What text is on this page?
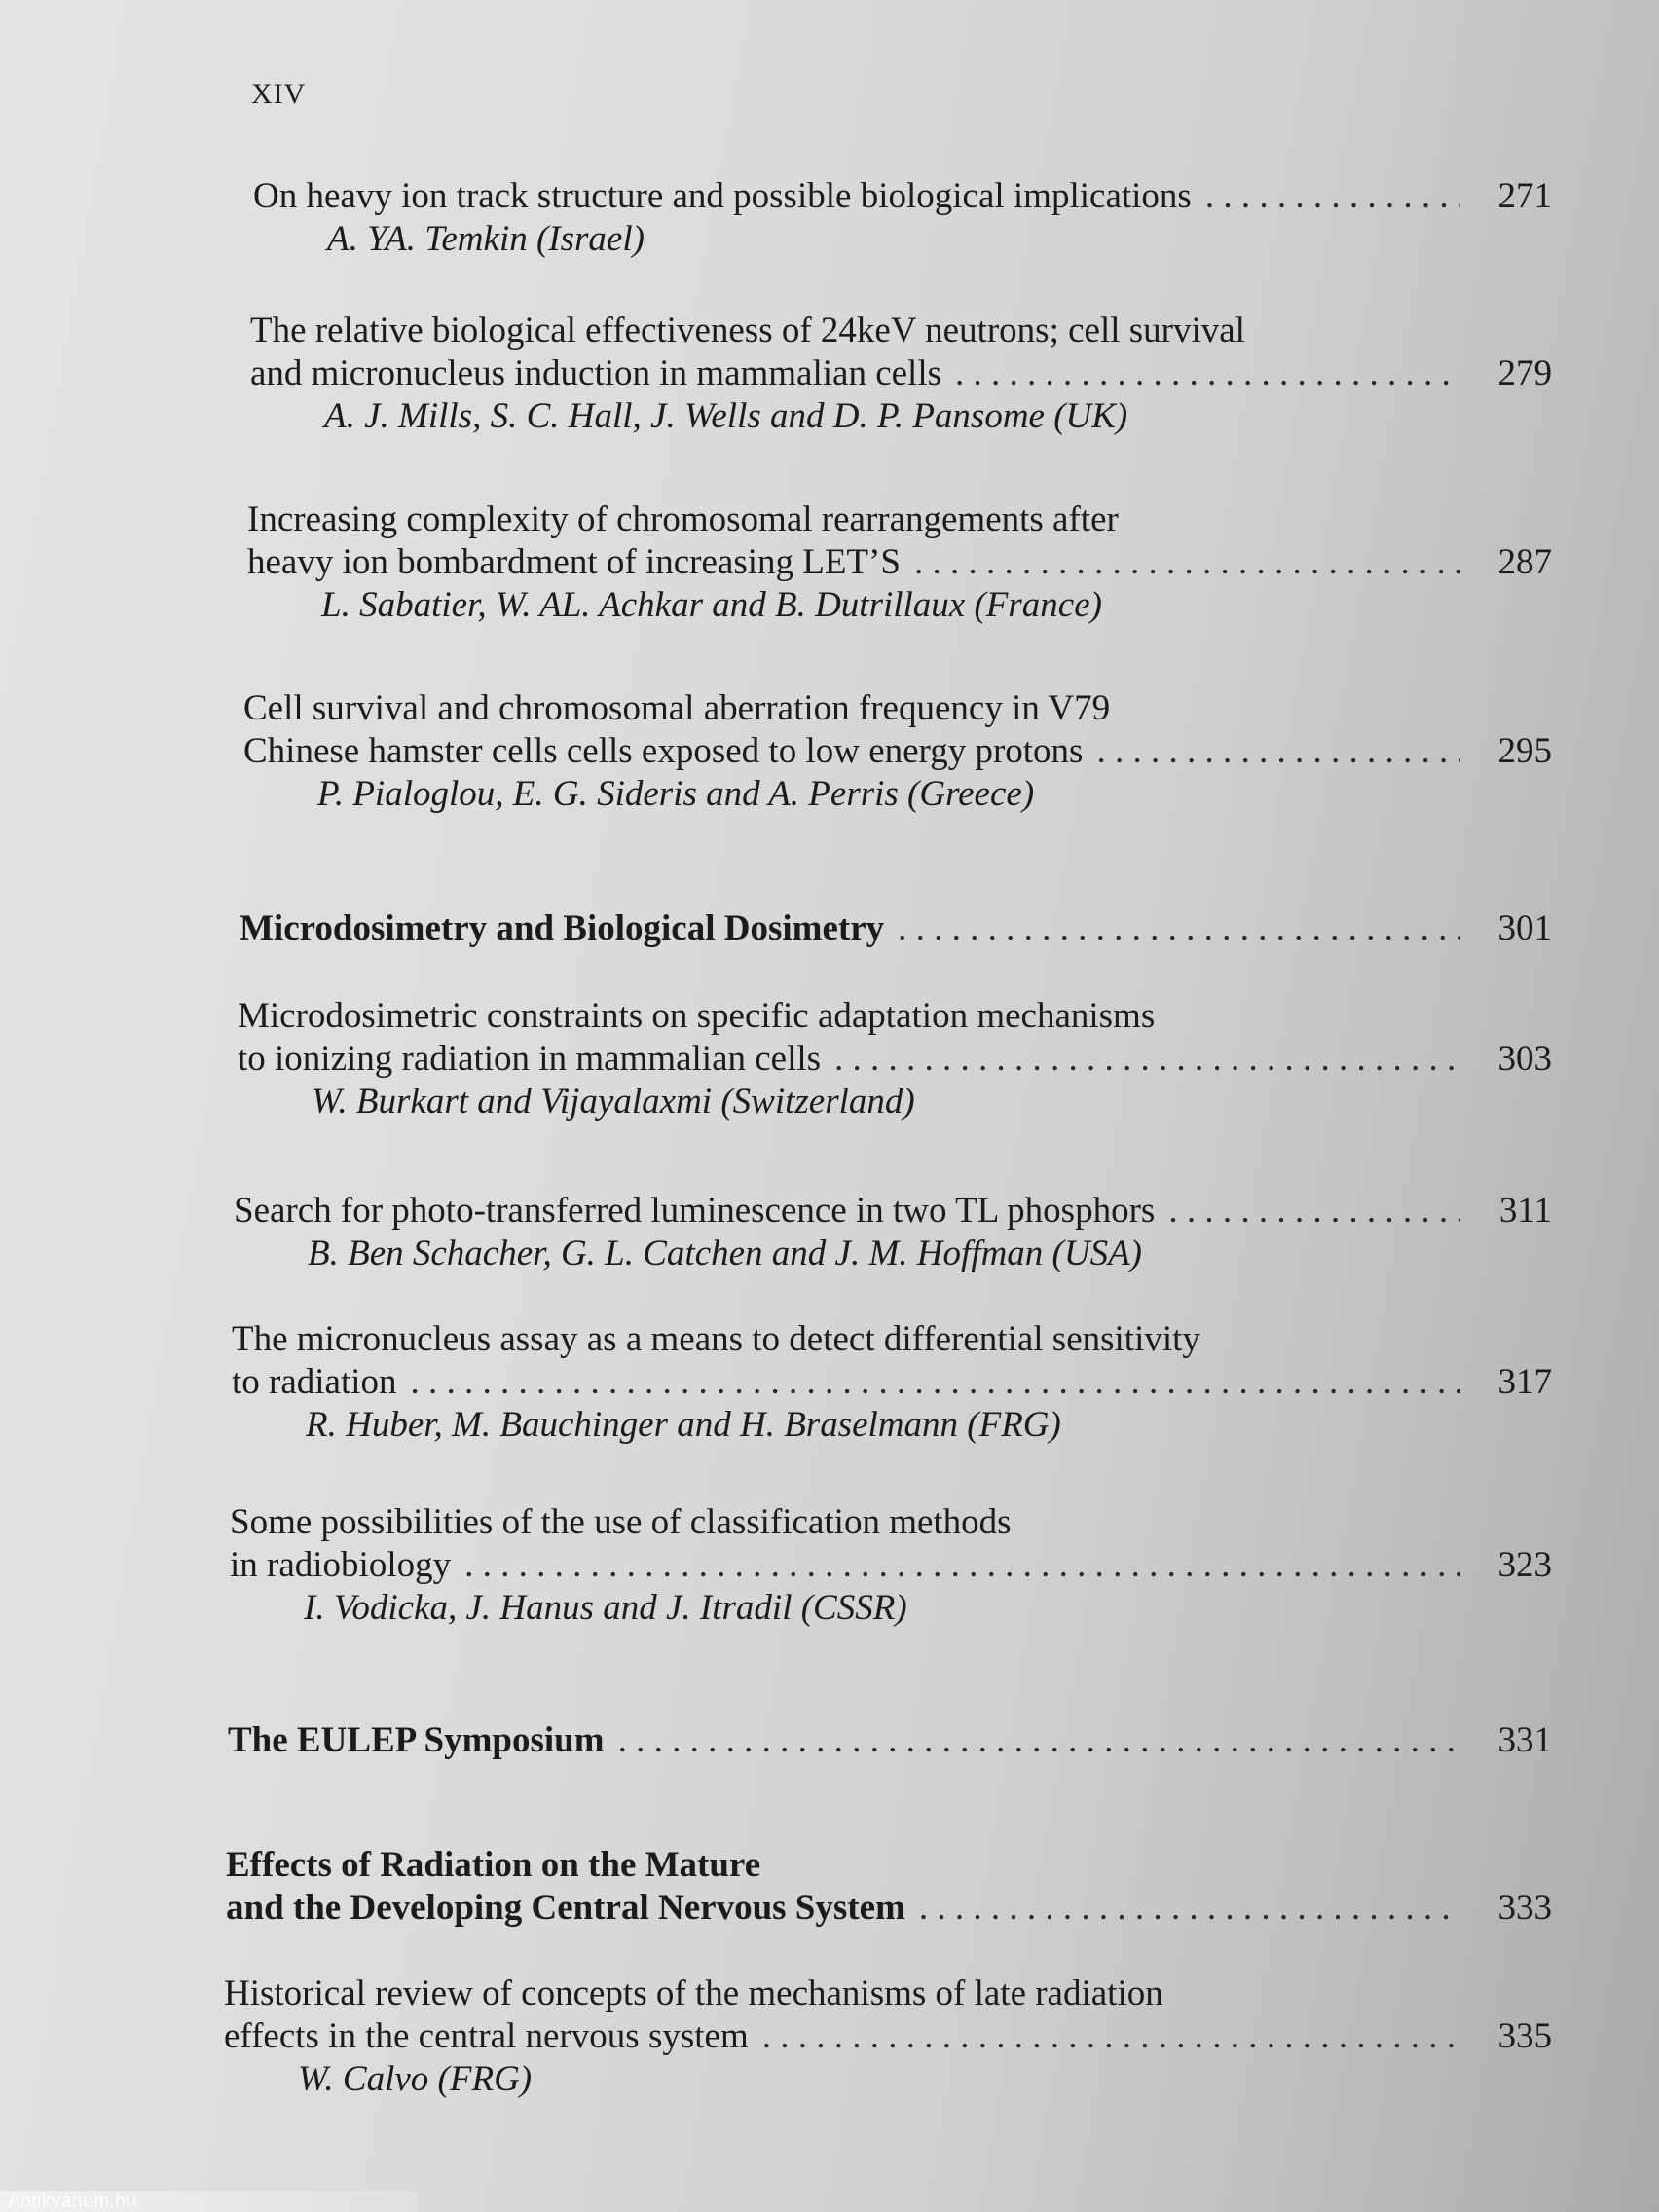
XIV
On heavy ion track structure and possible biological implications . . .	271
A. YA. Temkin (Israel)
The relative biological effectiveness of 24keV neutrons; cell survival
and micronucleus induction in mammalian cells . . .	279
A. J. Mills, S. C. Hall, J. Wells and D. P. Pansome (UK)
Increasing complexity of chromosomal rearrangements after
heavy ion bombardment of increasing LET’S . . .	287
L. Sabatier, W. AL. Achkar and B. Dutrillaux (France)
Cell survival and chromosomal aberration frequency in V79
Chinese hamster cells cells exposed to low energy protons . . .	295
P. Pialoglou, E. G. Sideris and A. Perris (Greece)
Microdosimetry and Biological Dosimetry . . .	301
Microdosimetric constraints on specific adaptation mechanisms
to ionizing radiation in mammalian cells . . .	303
W. Burkart and Vijayalaxmi (Switzerland)
Search for photo-transferred luminescence in two TL phosphors . . .	311
B. Ben Schacher, G. L. Catchen and J. M. Hoffman (USA)
The micronucleus assay as a means to detect differential sensitivity
to radiation . . .	317
R. Huber, M. Bauchinger and H. Braselmann (FRG)
Some possibilities of the use of classification methods
in radiobiology . . .	323
I. Vodicka, J. Hanus and J. Itradil (CSSR)
The EULEP Symposium . . .	331
Effects of Radiation on the Mature
and the Developing Central Nervous System . . .	333
Historical review of concepts of the mechanisms of late radiation
effects in the central nervous system . . .	335
W. Calvo (FRG)
Antikvárium.hu
